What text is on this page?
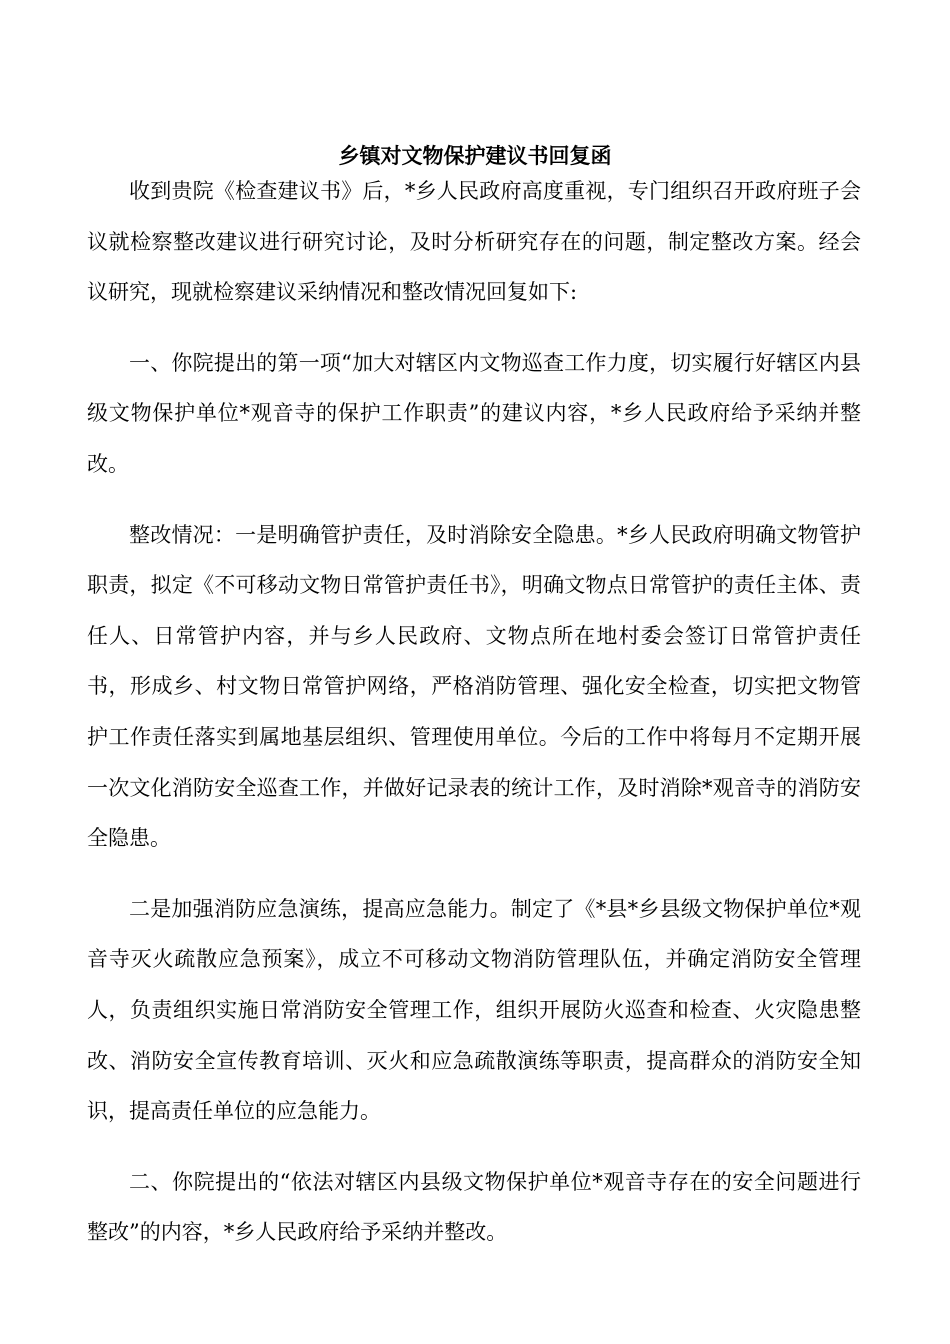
乡镇对文物保护建议书回复函

收到贵院《检查建议书》后，*乡人民政府高度重视，专门组织召开政府班子会议就检察整改建议进行研究讨论，及时分析研究存在的问题，制定整改方案。经会议研究，现就检察建议采纳情况和整改情况回复如下:

一、你院提出的第一项“加大对辖区内文物巡查工作力度，切实履行好辖区内县级文物保护单位*观音寺的保护工作职责”的建议内容，*乡人民政府给予采纳并整改。

整改情况：一是明确管护责任，及时消除安全隐患。*乡人民政府明确文物管护职责，拟定《不可移动文物日常管护责任书》，明确文物点日常管护的责任主体、责任人、日常管护内容，并与乡人民政府、文物点所在地村委会签订日常管护责任书，形成乡、村文物日常管护网络，严格消防管理、强化安全检查，切实把文物管护工作责任落实到属地基层组织、管理使用单位。今后的工作中将每月不定期开展一次文化消防安全巡查工作，并做好记录表的统计工作，及时消除*观音寺的消防安全隐患。

二是加强消防应急演练，提高应急能力。制定了《*县*乡县级文物保护单位*观音寺灭火疏散应急预案》，成立不可移动文物消防管理队伍，并确定消防安全管理人，负责组织实施日常消防安全管理工作，组织开展防火巡查和检查、火灾隐患整改、消防安全宣传教育培训、灭火和应急疏散演练等职责，提高群众的消防安全知识，提高责任单位的应急能力。

二、你院提出的“依法对辖区内县级文物保护单位*观音寺存在的安全问题进行整改”的内容，*乡人民政府给予采纳并整改。
